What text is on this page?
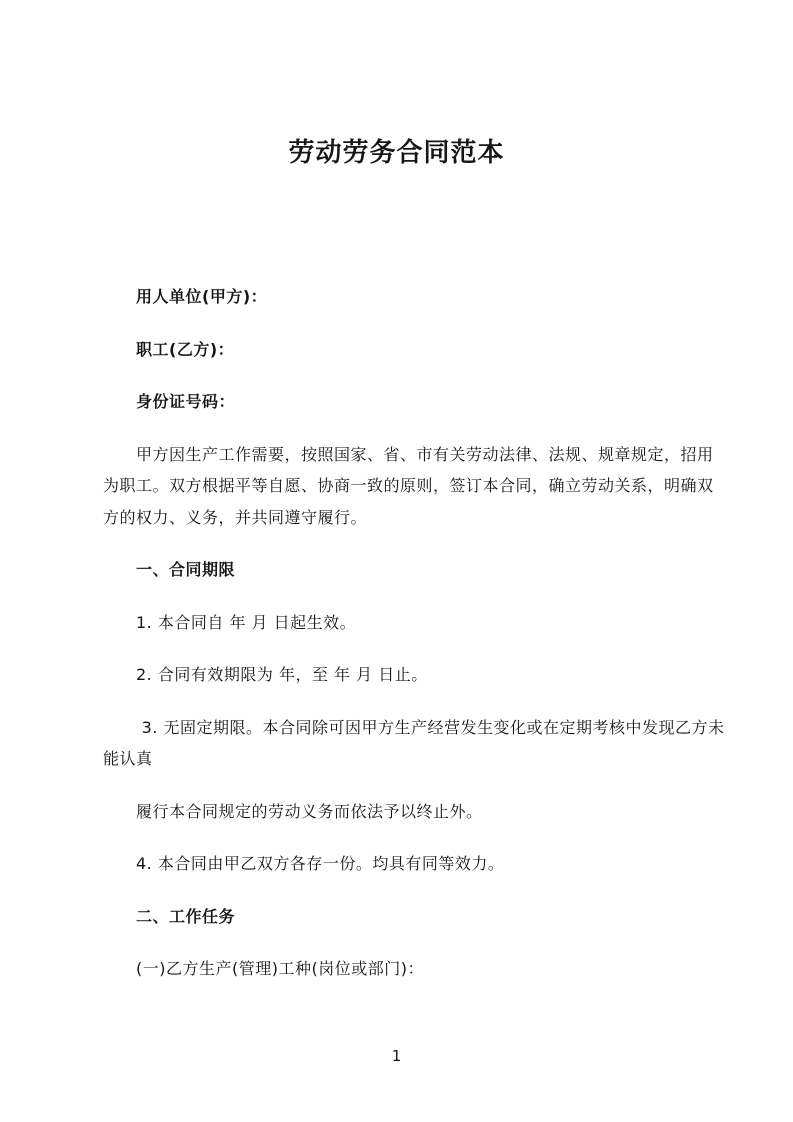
劳动劳务合同范本

用人单位(甲方)：

职工(乙方)：

身份证号码：

甲方因生产工作需要，按照国家、省、市有关劳动法律、法规、规章规定，招用

为职工。双方根据平等自愿、协商一致的原则，签订本合同，确立劳动关系，明确双

方的权力、义务，并共同遵守履行。

一、合同期限

1. 本合同自 年 月 日起生效。

2. 合同有效期限为 年，至 年 月 日止。

3. 无固定期限。本合同除可因甲方生产经营发生变化或在定期考核中发现乙方未

能认真

履行本合同规定的劳动义务而依法予以终止外。

4. 本合同由甲乙双方各存一份。均具有同等效力。

二、工作任务

(一)乙方生产(管理)工种(岗位或部门)：

1
